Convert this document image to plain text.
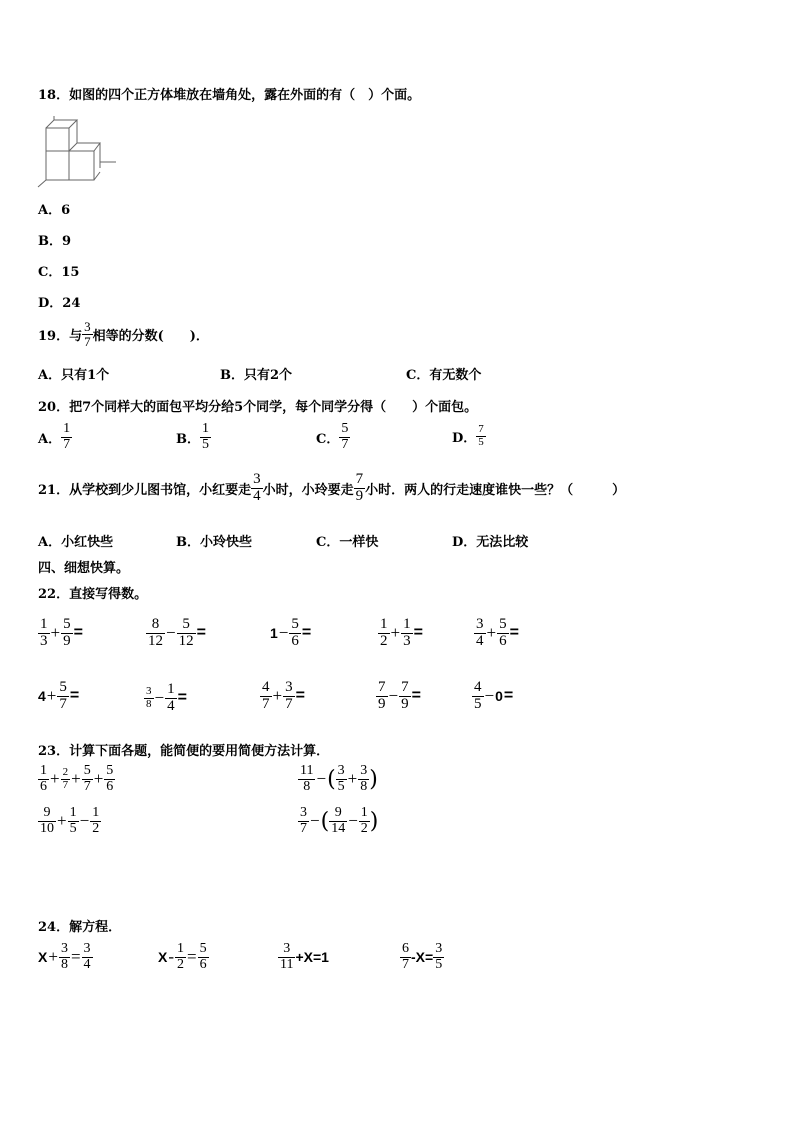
18．如图的四个正方体堆放在墙角处，露在外面的有（　）个面。
A．6
B．9
C．15
D．24
19．与 $\frac{3}{7}$ 相等的分数(　　)．
A．只有1个	B．只有2个	C．有无数个
20．把7个同样大的面包平均分给5个同学，每个同学分得（　　）个面包。
A． $\frac{1}{7}$	B． $\frac{1}{5}$	C． $\frac{5}{7}$	D． $\frac{7}{5}$
21．从学校到少儿图书馆，小红要走 $\frac{3}{4}$ 小时，小玲要走 $\frac{7}{9}$ 小时．两人的行走速度谁快一些？（　　　）
A．小红快些	B．小玲快些	C．一样快	D．无法比较
四、细想快算。
22．直接写得数。
$\frac{1}{3} + \frac{5}{9}$ =	$\frac{8}{12} - \frac{5}{12}$ =	$1 - \frac{5}{6}$ =	$\frac{1}{2} + \frac{1}{3}$ =	$\frac{3}{4} + \frac{5}{6}$ =
$4 + \frac{5}{7}$ =	$\frac{3}{8} - \frac{1}{4}$ =	$\frac{4}{7} + \frac{3}{7}$ =	$\frac{7}{9} - \frac{7}{9}$ =	$\frac{4}{5} - 0$ =
23．计算下面各题，能简便的要用简便方法计算．
$\frac{1}{6} + \frac{2}{7} + \frac{5}{7} + \frac{5}{6}$	$\frac{11}{8}$ − ( $\frac{3}{5} + \frac{3}{8}$ )
$\frac{9}{10} + \frac{1}{5} - \frac{1}{2}$	$\frac{3}{7}$ − ( $\frac{9}{14} - \frac{1}{2}$ )
24．解方程．
$X + \frac{3}{8} = \frac{3}{4}$	$X - \frac{1}{2} = \frac{5}{6}$	$\frac{3}{11} +X=1$	$\frac{6}{7} -X= \frac{3}{5}$
